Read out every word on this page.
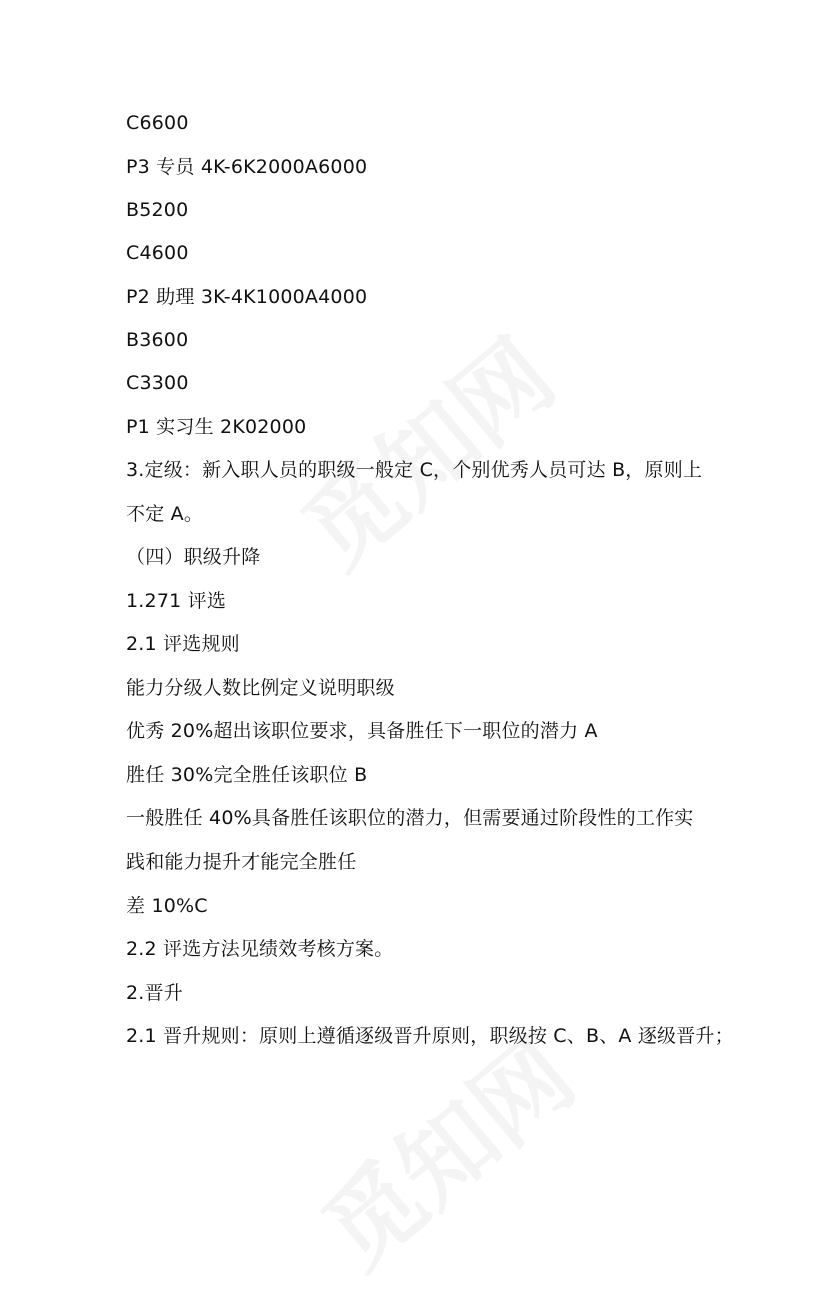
C6600
P3 专员 4K-6K2000A6000
B5200
C4600
P2 助理 3K-4K1000A4000
B3600
C3300
P1 实习生 2K02000
3.定级：新入职人员的职级一般定 C，个别优秀人员可达 B，原则上
不定 A。
（四）职级升降
1.271 评选
2.1 评选规则
能力分级人数比例定义说明职级
优秀 20%超出该职位要求，具备胜任下一职位的潜力 A
胜任 30%完全胜任该职位 B
一般胜任 40%具备胜任该职位的潜力，但需要通过阶段性的工作实
践和能力提升才能完全胜任
差 10%C
2.2 评选方法见绩效考核方案。
2.晋升
2.1 晋升规则：原则上遵循逐级晋升原则，职级按 C、B、A 逐级晋升；
